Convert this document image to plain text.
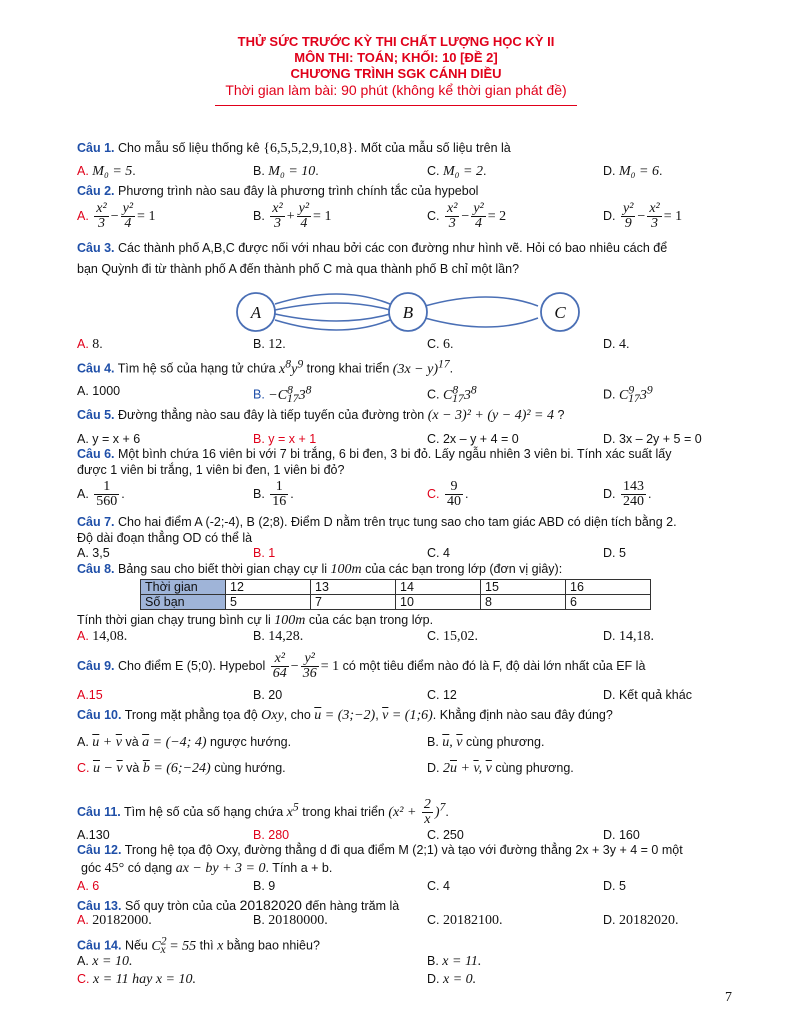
THỬ SỨC TRƯỚC KỲ THI CHẤT LƯỢNG HỌC KỲ II
MÔN THI: TOÁN; KHỐI: 10 [ĐỀ 2]
CHƯƠNG TRÌNH SGK CÁNH DIỀU
Thời gian làm bài: 90 phút (không kể thời gian phát đề)
Câu 1. Cho mẫu số liệu thống kê {6,5,5,2,9,10,8}. Mốt của mẫu số liệu trên là
A. M₀ = 5.	B. M₀ = 10.	C. M₀ = 2.	D. M₀ = 6.
Câu 2. Phương trình nào sau đây là phương trình chính tắc của hypebol
A. $\frac{\text{x²}}{3} - \frac{\text{y²}}{4} = 1$	B. $\frac{\text{x²}}{3} + \frac{\text{y²}}{4} = 1$	C. $\frac{\text{x²}}{3} - \frac{\text{y²}}{4} = 2$	D. $\frac{\text{y²}}{9} - \frac{\text{x²}}{3} = 1$
Câu 3. Các thành phố A,B,C được nối với nhau bởi các con đường như hình vẽ. Hỏi có bao nhiêu cách để
bạn Quỳnh đi từ thành phố A đến thành phố C mà qua thành phố B chỉ một lần?
A	B	C
A. 8.	B. 12.	C. 6.	D. 4.
Câu 4. Tìm hệ số của hạng tử chứa $x^8y^9$ trong khai triển $(3x - y)^{17}$.
A. 1000	B. $-C^8_{17}3^8$	C. $C^8_{17}3^8$	D. $C^9_{17}3^9$
Câu 5. Đường thẳng nào sau đây là tiếp tuyến của đường tròn (x − 3)² + (y − 4)² = 4 ?
A. y = x + 6	B. y = x + 1	C. 2x – y + 4 = 0	D. 3x – 2y + 5 = 0
Câu 6. Một bình chứa 16 viên bi với 7 bi trắng, 6 bi đen, 3 bi đỏ. Lấy ngẫu nhiên 3 viên bi. Tính xác suất lấy
được 1 viên bi trắng, 1 viên bi đen, 1 viên bi đỏ?
A. $\frac{1}{560}$ .	B. $\frac{1}{16}$ .	C. $\frac{9}{40}$ .	D. $\frac{143}{240}$ .
Câu 7. Cho hai điểm A (-2;-4), B (2;8). Điểm D nằm trên trục tung sao cho tam giác ABD có diện tích bằng 2.
Độ dài đoạn thẳng OD có thể là
A. 3,5	B. 1	C. 4	D. 5
Câu 8. Bảng sau cho biết thời gian chạy cự li 100m của các bạn trong lớp (đơn vị giây):
Thời gian	12	13	14	15	16
Số bạn	5	7	10	8	6
Tính thời gian chạy trung bình cự li 100m của các bạn trong lớp.
A. 14,08.	B. 14,28.	C. 15,02.	D. 14,18.
Câu 9. Cho điểm E (5;0). Hypebol $\frac{\text{x²}}{64} - \frac{\text{y²}}{36} = 1$ có một tiêu điểm nào đó là F, độ dài lớn nhất của EF là
A.15	B. 20	C. 12	D. Kết quả khác
Câu 10. Trong mặt phẳng tọa độ Oxy, cho $\overline{u}$ = (3;−2), $\overline{v}$ = (1;6). Khẳng định nào sau đây đúng?
A. $\overline{u} + \overline{v}$ và $\overline{a} = (-4$; 4) ngược hướng.	B. $\overline{u}$, $\overline{v}$ cùng phương.
C. $\overline{u} - \overline{v}$ và $\overline{b}$ = (6;−24) cùng hướng.	D. $2\overline{u} + \overline{v}$, $\overline{v}$ cùng phương.
Câu 11. Tìm hệ số của số hạng chứa $x^5$ trong khai triển $(x^2 + \frac{2}{x} )^7$.
A.130	B. 280	C. 250	D. 160
Câu 12. Trong hệ tọa độ Oxy, đường thẳng d đi qua điểm M (2;1) và tạo với đường thẳng 2x + 3y + 4 = 0 một
góc 45° có dạng ax − by + 3 = 0. Tính a + b.
A. 6	B. 9	C. 4	D. 5
Câu 13. Số quy tròn của của 20182020 đến hàng trăm là
A. 20182000.	B. 20180000.	C. 20182100.	D. 20182020.
Câu 14. Nếu $C^2_x = 55$ thì x bằng bao nhiêu?
A. x = 10.	B. x = 11.
C. x = 11 hay x = 10.	D. x = 0.
7
